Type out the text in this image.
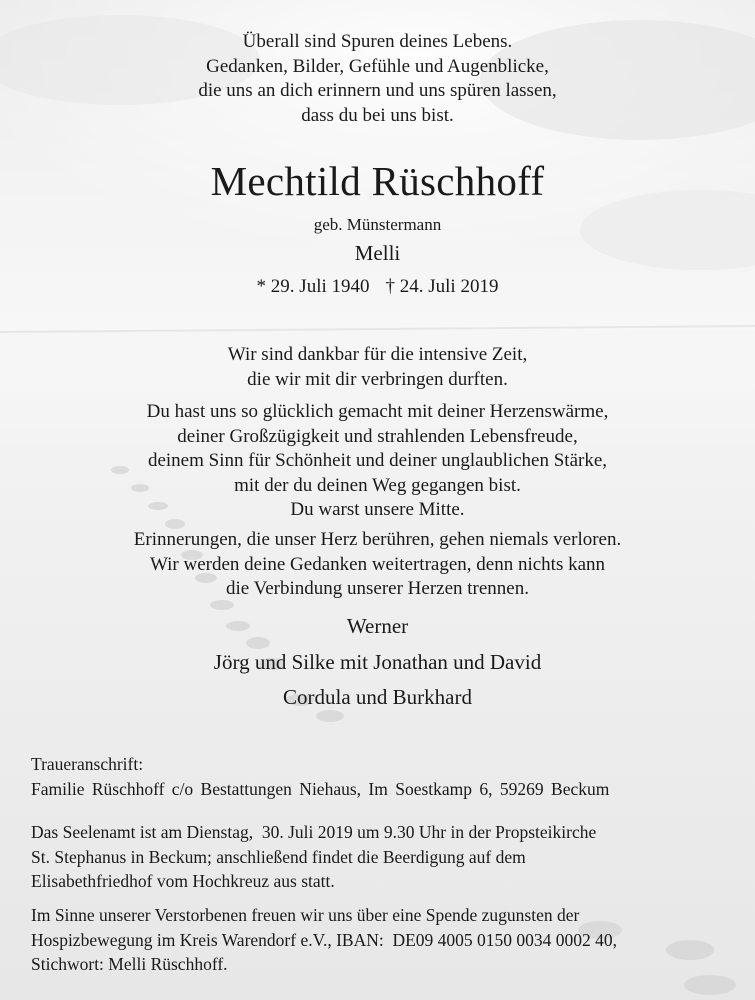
Überall sind Spuren deines Lebens.
Gedanken, Bilder, Gefühle und Augenblicke,
die uns an dich erinnern und uns spüren lassen,
dass du bei uns bist.
Mechtild Rüschhoff
geb. Münstermann
Melli
* 29. Juli 1940 † 24. Juli 2019
Wir sind dankbar für die intensive Zeit,
die wir mit dir verbringen durften.
Du hast uns so glücklich gemacht mit deiner Herzenswärme,
deiner Großzügigkeit und strahlenden Lebensfreude,
deinem Sinn für Schönheit und deiner unglaublichen Stärke,
mit der du deinen Weg gegangen bist.
Du warst unsere Mitte.
Erinnerungen, die unser Herz berühren, gehen niemals verloren.
Wir werden deine Gedanken weitertragen, denn nichts kann
die Verbindung unserer Herzen trennen.
Werner
Jörg und Silke mit Jonathan und David
Cordula und Burkhard
Traueranschrift:
Familie Rüschhoff c/o Bestattungen Niehaus, Im Soestkamp 6, 59269 Beckum
Das Seelenamt ist am Dienstag,  30. Juli 2019 um 9.30 Uhr in der Propsteikirche
St. Stephanus in Beckum; anschließend findet die Beerdigung auf dem
Elisabethfriedhof vom Hochkreuz aus statt.
Im Sinne unserer Verstorbenen freuen wir uns über eine Spende zugunsten der
Hospizbewegung im Kreis Warendorf e.V., IBAN:  DE09 4005 0150 0034 0002 40,
Stichwort: Melli Rüschhoff.
